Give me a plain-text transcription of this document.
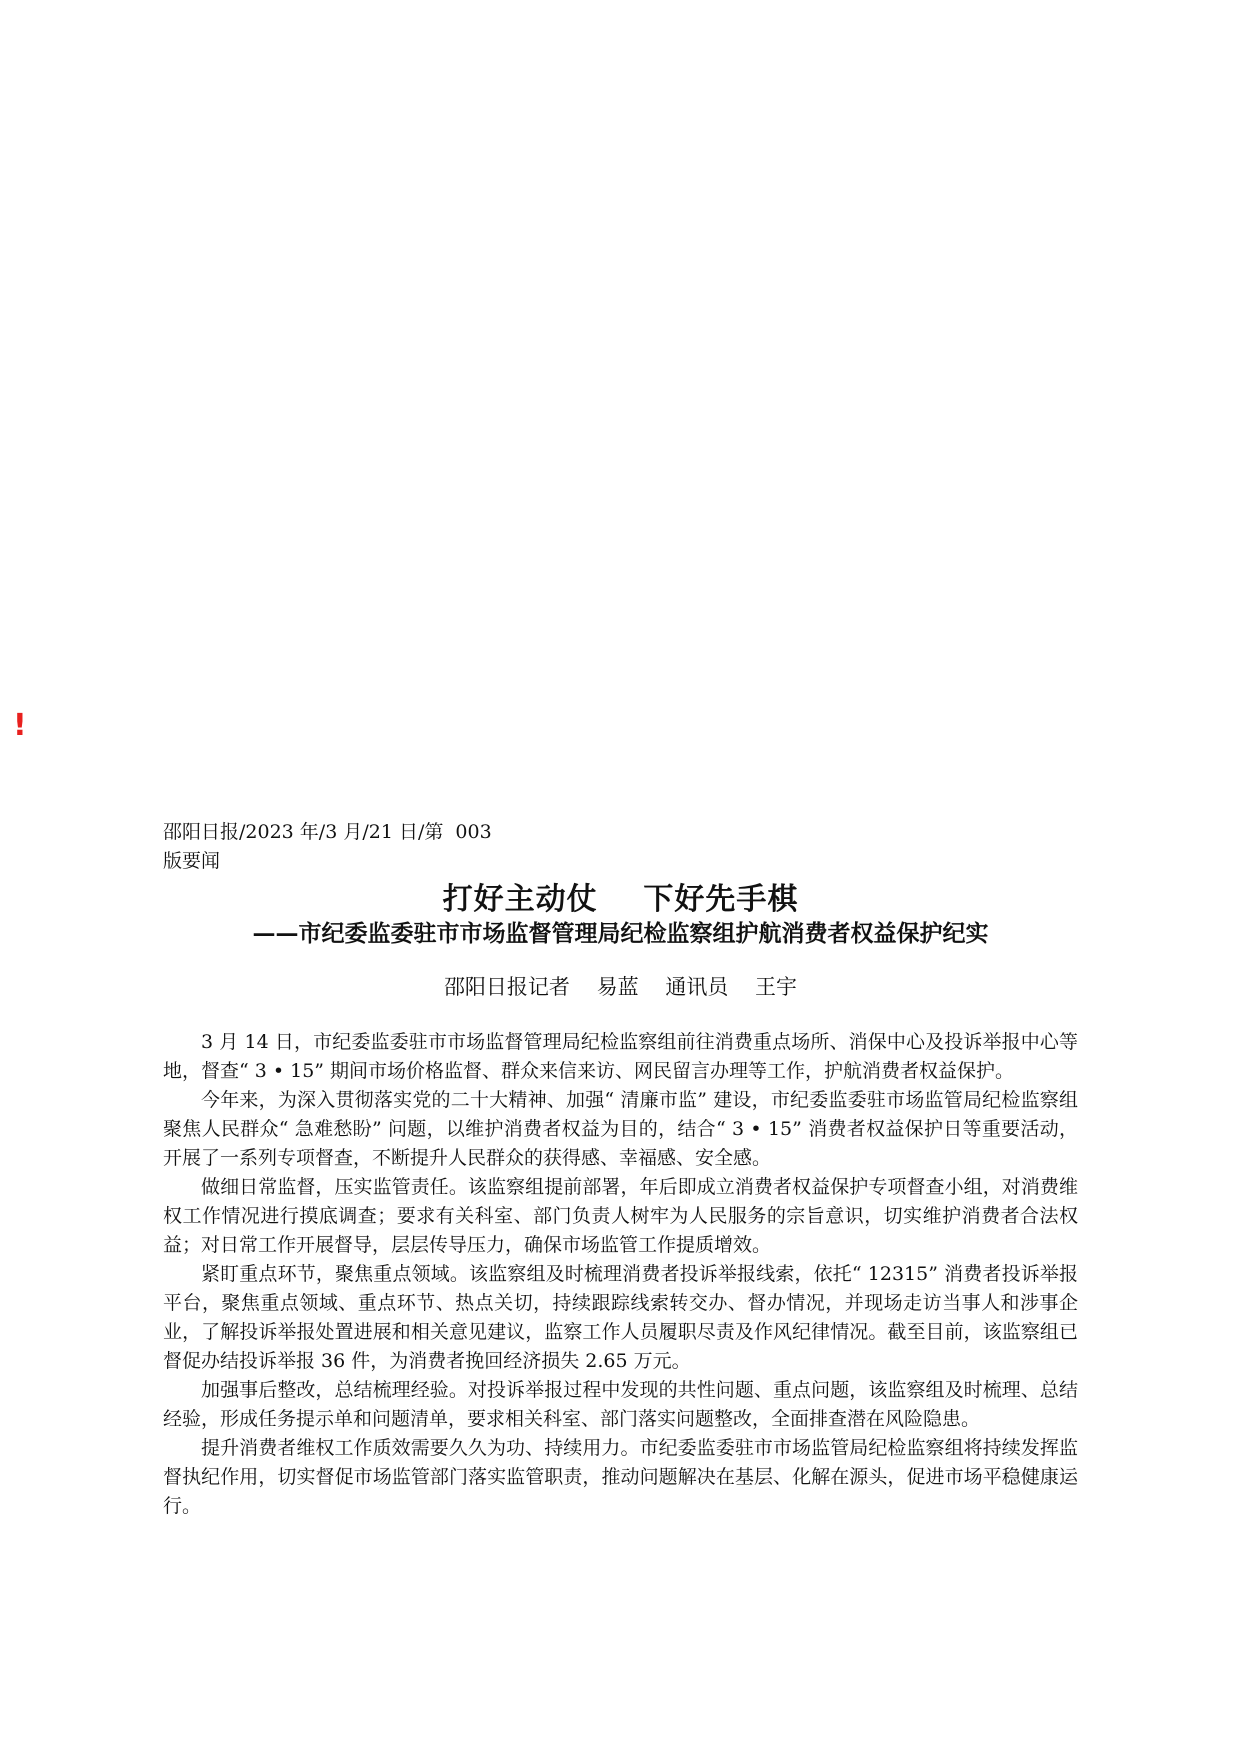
!
邵阳日报/2023 年/3 月/21 日/第  003
版要闻
打好主动仗    下好先手棋
——市纪委监委驻市市场监督管理局纪检监察组护航消费者权益保护纪实
邵阳日报记者    易蓝    通讯员    王宇

3 月 14 日，市纪委监委驻市市场监督管理局纪检监察组前往消费重点场所、消保中心及投诉举报中心等地，督查“ 3 • 15” 期间市场价格监督、群众来信来访、网民留言办理等工作，护航消费者权益保护。

今年来，为深入贯彻落实党的二十大精神、加强“ 清廉市监” 建设，市纪委监委驻市场监管局纪检监察组聚焦人民群众“ 急难愁盼” 问题，以维护消费者权益为目的，结合“ 3 • 15” 消费者权益保护日等重要活动，开展了一系列专项督查，不断提升人民群众的获得感、幸福感、安全感。

做细日常监督，压实监管责任。该监察组提前部署，年后即成立消费者权益保护专项督查小组，对消费维权工作情况进行摸底调查；要求有关科室、部门负责人树牢为人民服务的宗旨意识，切实维护消费者合法权益；对日常工作开展督导，层层传导压力，确保市场监管工作提质增效。

紧盯重点环节，聚焦重点领域。该监察组及时梳理消费者投诉举报线索，依托“ 12315” 消费者投诉举报平台，聚焦重点领域、重点环节、热点关切，持续跟踪线索转交办、督办情况，并现场走访当事人和涉事企业，了解投诉举报处置进展和相关意见建议，监察工作人员履职尽责及作风纪律情况。截至目前，该监察组已督促办结投诉举报 36 件，为消费者挽回经济损失 2.65 万元。

加强事后整改，总结梳理经验。对投诉举报过程中发现的共性问题、重点问题，该监察组及时梳理、总结经验，形成任务提示单和问题清单，要求相关科室、部门落实问题整改，全面排查潜在风险隐患。

提升消费者维权工作质效需要久久为功、持续用力。市纪委监委驻市市场监管局纪检监察组将持续发挥监督执纪作用，切实督促市场监管部门落实监管职责，推动问题解决在基层、化解在源头，促进市场平稳健康运行。
